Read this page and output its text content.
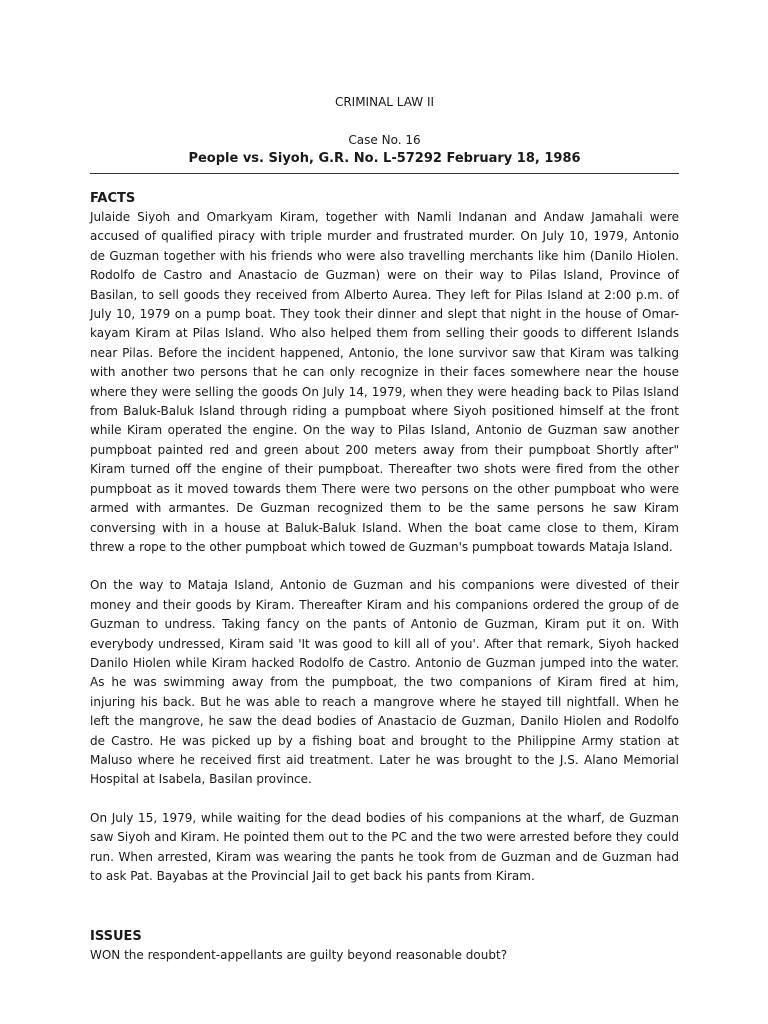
CRIMINAL LAW II
Case No. 16
People vs. Siyoh, G.R. No. L-57292 February 18, 1986
FACTS

Julaide Siyoh and Omarkyam Kiram, together with Namli Indanan and Andaw Jamahali were accused of qualified piracy with triple murder and frustrated murder. On July 10, 1979, Antonio de Guzman together with his friends who were also travelling merchants like him (Danilo Hiolen. Rodolfo de Castro and Anastacio de Guzman) were on their way to Pilas Island, Province of Basilan, to sell goods they received from Alberto Aurea. They left for Pilas Island at 2:00 p.m. of July 10, 1979 on a pump boat. They took their dinner and slept that night in the house of Omar-kayam Kiram at Pilas Island. Who also helped them from selling their goods to different Islands near Pilas. Before the incident happened, Antonio, the lone survivor saw that Kiram was talking with another two persons that he can only recognize in their faces somewhere near the house where they were selling the goods On July 14, 1979, when they were heading back to Pilas Island from Baluk-Baluk Island through riding a pumpboat where Siyoh positioned himself at the front while Kiram operated the engine. On the way to Pilas Island, Antonio de Guzman saw another pumpboat painted red and green about 200 meters away from their pumpboat Shortly after" Kiram turned off the engine of their pumpboat. Thereafter two shots were fired from the other pumpboat as it moved towards them There were two persons on the other pumpboat who were armed with armantes. De Guzman recognized them to be the same persons he saw Kiram conversing with in a house at Baluk-Baluk Island. When the boat came close to them, Kiram threw a rope to the other pumpboat which towed de Guzman's pumpboat towards Mataja Island.

On the way to Mataja Island, Antonio de Guzman and his companions were divested of their money and their goods by Kiram. Thereafter Kiram and his companions ordered the group of de Guzman to undress. Taking fancy on the pants of Antonio de Guzman, Kiram put it on. With everybody undressed, Kiram said 'It was good to kill all of you'. After that remark, Siyoh hacked Danilo Hiolen while Kiram hacked Rodolfo de Castro. Antonio de Guzman jumped into the water. As he was swimming away from the pumpboat, the two companions of Kiram fired at him, injuring his back. But he was able to reach a mangrove where he stayed till nightfall. When he left the mangrove, he saw the dead bodies of Anastacio de Guzman, Danilo Hiolen and Rodolfo de Castro. He was picked up by a fishing boat and brought to the Philippine Army station at Maluso where he received first aid treatment. Later he was brought to the J.S. Alano Memorial Hospital at Isabela, Basilan province.

On July 15, 1979, while waiting for the dead bodies of his companions at the wharf, de Guzman saw Siyoh and Kiram. He pointed them out to the PC and the two were arrested before they could run. When arrested, Kiram was wearing the pants he took from de Guzman and de Guzman had to ask Pat. Bayabas at the Provincial Jail to get back his pants from Kiram.

ISSUES

WON the respondent-appellants are guilty beyond reasonable doubt?
